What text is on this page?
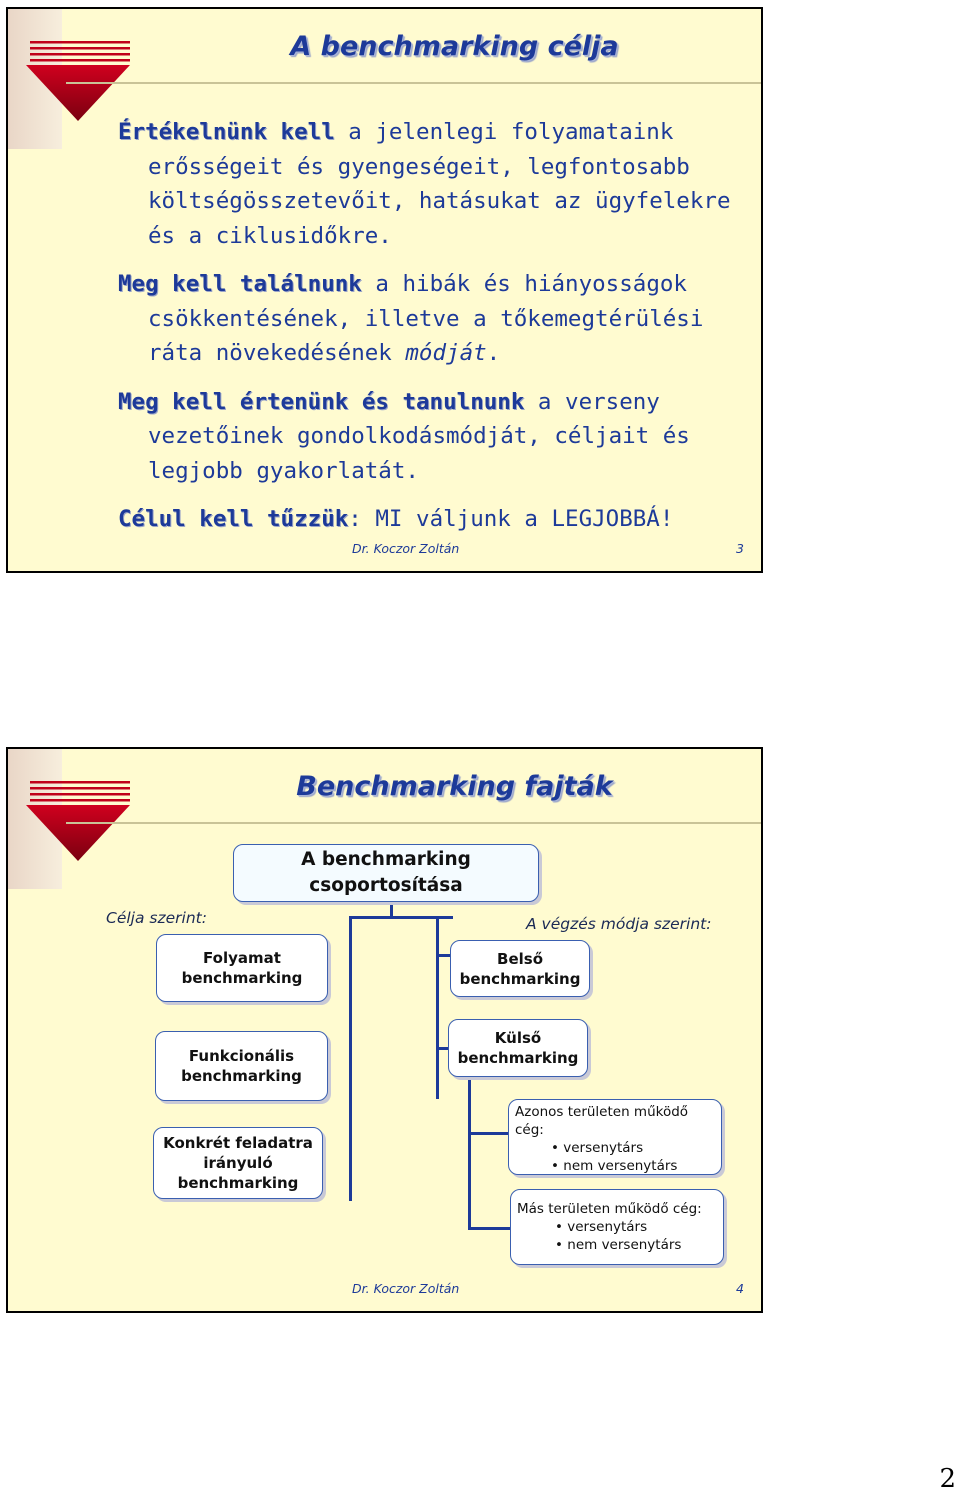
A benchmarking célja

Értékelnünk kell a jelenlegi folyamataink erősségeit és gyengeségeit, legfontosabb költségösszetevőit, hatásukat az ügyfelekre és a ciklusidőkre.

Meg kell találnunk a hibák és hiányosságok csökkentésének, illetve a tőkemegtérülési ráta növekedésének módját.

Meg kell értenünk és tanulnunk a verseny vezetőinek gondolkodásmódját, céljait és legjobb gyakorlatát.

Célul kell tűzzük: MI váljunk a LEGJOBBÁ!

Dr. Koczor Zoltán	3
Benchmarking fajták
A benchmarking csoportosítása
Célja szerint:	A végzés módja szerint:
Folyamat benchmarking
Funkcionális benchmarking
Konkrét feladatra irányuló benchmarking
Belső benchmarking
Külső benchmarking
Azonos területen működő cég:
• versenytárs
• nem versenytárs
Más területen működő cég:
• versenytárs
• nem versenytárs
Dr. Koczor Zoltán	4
2
